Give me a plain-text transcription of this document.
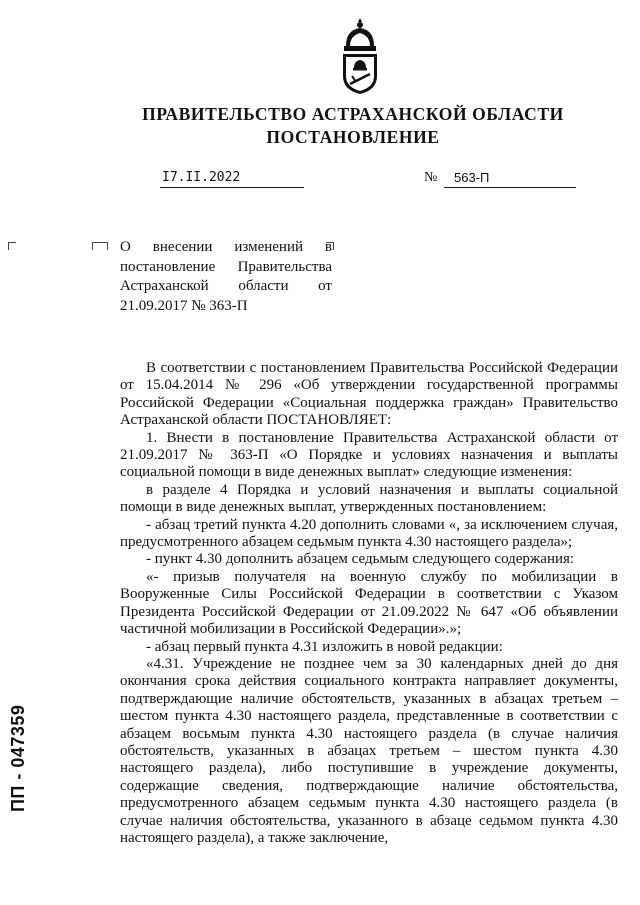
ПРАВИТЕЛЬСТВО АСТРАХАНСКОЙ ОБЛАСТИ
ПОСТАНОВЛЕНИЕ
I7.II.2022	№	563-П
О внесении изменений в постановление Правительства Астраханской области от 21.09.2017 № 363-П

В соответствии с постановлением Правительства Российской Федерации от 15.04.2014 № 296 «Об утверждении государственной программы Российской Федерации «Социальная поддержка граждан» Правительство Астраханской области ПОСТАНОВЛЯЕТ:

1. Внести в постановление Правительства Астраханской области от 21.09.2017 № 363-П «О Порядке и условиях назначения и выплаты социальной помощи в виде денежных выплат» следующие изменения:

в разделе 4 Порядка и условий назначения и выплаты социальной помощи в виде денежных выплат, утвержденных постановлением:

- абзац третий пункта 4.20 дополнить словами «, за исключением случая, предусмотренного абзацем седьмым пункта 4.30 настоящего раздела»;

- пункт 4.30 дополнить абзацем седьмым следующего содержания:

«- призыв получателя на военную службу по мобилизации в Вооруженные Силы Российской Федерации в соответствии с Указом Президента Российской Федерации от 21.09.2022 № 647 «Об объявлении частичной мобилизации в Российской Федерации».»;

- абзац первый пункта 4.31 изложить в новой редакции:

«4.31. Учреждение не позднее чем за 30 календарных дней до дня окончания срока действия социального контракта направляет документы, подтверждающие наличие обстоятельств, указанных в абзацах третьем – шестом пункта 4.30 настоящего раздела, представленные в соответствии с абзацем восьмым пункта 4.30 настоящего раздела (в случае наличия обстоятельств, указанных в абзацах третьем – шестом пункта 4.30 настоящего раздела), либо поступившие в учреждение документы, содержащие сведения, подтверждающие наличие обстоятельства, предусмотренного абзацем седьмым пункта 4.30 настоящего раздела (в случае наличия обстоятельства, указанного в абзаце седьмом пункта 4.30 настоящего раздела), а также заключение,

ПП - 047359
